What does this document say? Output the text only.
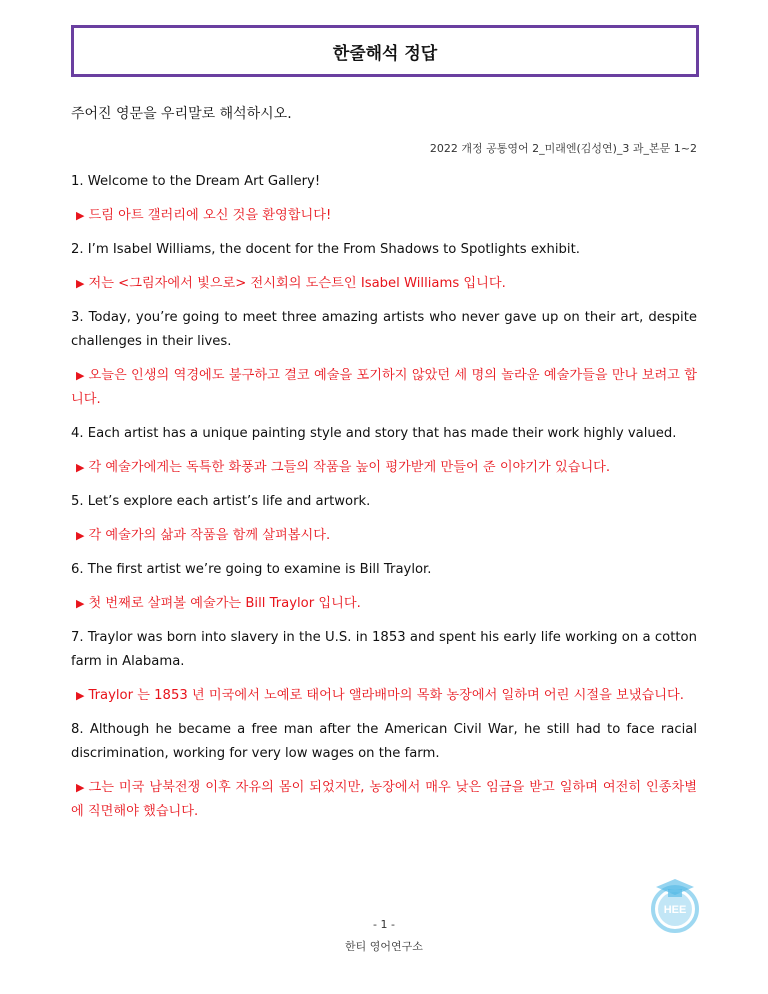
한줄해석 정답
주어진 영문을 우리말로 해석하시오.
2022 개정 공통영어 2_미래엔(김성연)_3 과_본문 1~2
1. Welcome to the Dream Art Gallery!
▶ 드림 아트 갤러리에 오신 것을 환영합니다!
2. I’m Isabel Williams, the docent for the From Shadows to Spotlights exhibit.
▶ 저는 <그림자에서 빛으로> 전시회의 도슨트인 Isabel Williams 입니다.
3. Today, you’re going to meet three amazing artists who never gave up on their art, despite challenges in their lives.
▶ 오늘은 인생의 역경에도 불구하고 결코 예술을 포기하지 않았던 세 명의 놀라운 예술가들을 만나 보려고 합니다.
4. Each artist has a unique painting style and story that has made their work highly valued.
▶ 각 예술가에게는 독특한 화풍과 그들의 작품을 높이 평가받게 만들어 준 이야기가 있습니다.
5. Let’s explore each artist’s life and artwork.
▶ 각 예술가의 삶과 작품을 함께 살펴봅시다.
6. The first artist we’re going to examine is Bill Traylor.
▶ 첫 번째로 살펴볼 예술가는 Bill Traylor 입니다.
7. Traylor was born into slavery in the U.S. in 1853 and spent his early life working on a cotton farm in Alabama.
▶ Traylor 는 1853 년 미국에서 노예로 태어나 앨라배마의 목화 농장에서 일하며 어린 시절을 보냈습니다.
8. Although he became a free man after the American Civil War, he still had to face racial discrimination, working for very low wages on the farm.
▶ 그는 미국 남북전쟁 이후 자유의 몸이 되었지만, 농장에서 매우 낮은 임금을 받고 일하며 여전히 인종차별에 직면해야 했습니다.
HEE
- 1 -
한티 영어연구소
